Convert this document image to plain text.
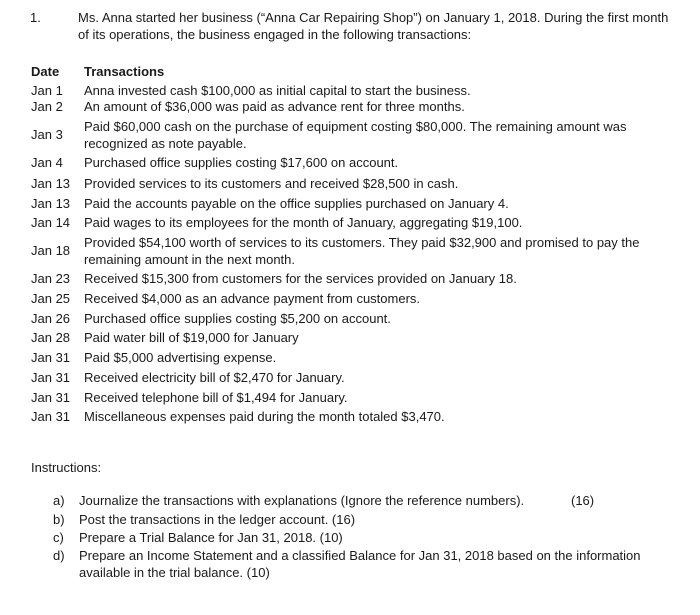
1.	Ms. Anna started her business (“Anna Car Repairing Shop”) on January 1, 2018. During the first month of its operations, the business engaged in the following transactions:
Date Transactions
Jan 1 Anna invested cash $100,000 as initial capital to start the business.
Jan 2 An amount of $36,000 was paid as advance rent for three months.
Jan 3
Paid $60,000 cash on the purchase of equipment costing $80,000. The remaining amount was recognized as note payable.
Jan 4 Purchased office supplies costing $17,600 on account.
Jan 13 Provided services to its customers and received $28,500 in cash.
Jan 13 Paid the accounts payable on the office supplies purchased on January 4.
Jan 14 Paid wages to its employees for the month of January, aggregating $19,100.
Jan 18
Provided $54,100 worth of services to its customers. They paid $32,900 and promised to pay the remaining amount in the next month.
Jan 23 Received $15,300 from customers for the services provided on January 18.
Jan 25 Received $4,000 as an advance payment from customers.
Jan 26 Purchased office supplies costing $5,200 on account.
Jan 28 Paid water bill of $19,000 for January
Jan 31 Paid $5,000 advertising expense.
Jan 31 Received electricity bill of $2,470 for January.
Jan 31 Received telephone bill of $1,494 for January.
Jan 31 Miscellaneous expenses paid during the month totaled $3,470.
Instructions:
a) Journalize the transactions with explanations (Ignore the reference numbers).	(16)
b) Post the transactions in the ledger account. (16)
c) Prepare a Trial Balance for Jan 31, 2018. (10)
d) Prepare an Income Statement and a classified Balance for Jan 31, 2018 based on the information available in the trial balance. (10)
